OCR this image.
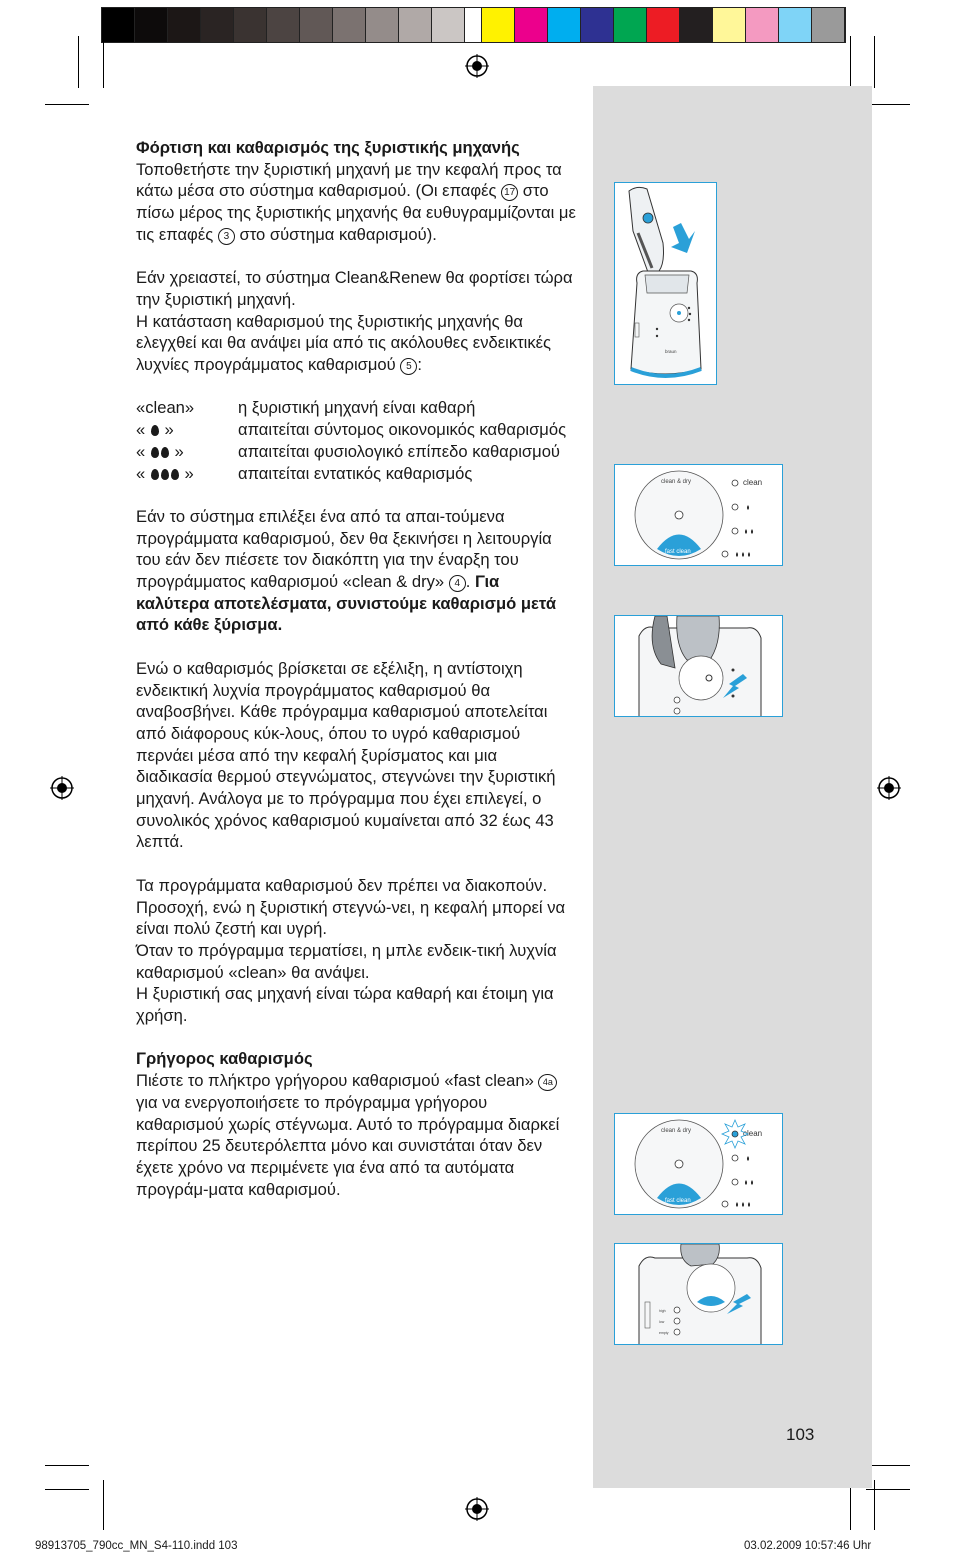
braun
clean & dry
fast clean
clean
clean & dry
fast clean
clean
high
low
empty

Φόρτιση και καθαρισμός της ξυριστικής μηχανής

Τοποθετήστε την ξυριστική μηχανή με την κεφαλή προς τα κάτω μέσα στο σύστημα καθαρισμού. (Οι επαφές 17 στο πίσω μέρος της ξυριστικής μηχανής θα ευθυγραμμίζονται με τις επαφές 3 στο σύστημα καθαρισμού).

Εάν χρειαστεί, το σύστημα Clean&Renew θα φορτίσει τώρα την ξυριστική μηχανή.

Η κατάσταση καθαρισμού της ξυριστικής μηχανής θα ελεγχθεί και θα ανάψει μία από τις ακόλουθες ενδεικτικές λυχνίες προγράμματος καθαρισμού 5 :

«clean»	η ξυριστική μηχανή είναι καθαρή
«  »	απαιτείται σύντομος οικονομικός καθαρισμός
«  »	απαιτείται φυσιολογικό επίπεδο καθαρισμού
«  »	απαιτείται εντατικός καθαρισμός

Εάν το σύστημα επιλέξει ένα από τα απαι-τούμενα προγράμματα καθαρισμού, δεν θα ξεκινήσει η λειτουργία του εάν δεν πιέσετε τον διακόπτη για την έναρξη του προγράμματος καθαρισμού «clean & dry» 4 . Για καλύτερα αποτελέσματα, συνιστούμε καθαρισμό μετά από κάθε ξύρισμα.

Ενώ ο καθαρισμός βρίσκεται σε εξέλιξη, η αντίστοιχη ενδεικτική λυχνία προγράμματος καθαρισμού θα αναβοσβήνει. Κάθε πρόγραμμα καθαρισμού αποτελείται από διάφορους κύκ-λους, όπου το υγρό καθαρισμού περνάει μέσα από την κεφαλή ξυρίσματος και μια διαδικασία θερμού στεγνώματος, στεγνώνει την ξυριστική μηχανή. Ανάλογα με το πρόγραμμα που έχει επιλεγεί, ο συνολικός χρόνος καθαρισμού κυμαίνεται από 32 έως 43 λεπτά.

Τα προγράμματα καθαρισμού δεν πρέπει να διακοπούν. Προσοχή, ενώ η ξυριστική στεγνώ-νει, η κεφαλή μπορεί να είναι πολύ ζεστή και υγρή.

Όταν το πρόγραμμα τερματίσει, η μπλε ενδεικ-τική λυχνία καθαρισμού «clean» θα ανάψει.

Η ξυριστική σας μηχανή είναι τώρα καθαρή και έτοιμη για χρήση.

Γρήγορος καθαρισμός

Πιέστε το πλήκτρο γρήγορου καθαρισμού «fast clean» 4a για να ενεργοποιήσετε το πρόγραμμα γρήγορου καθαρισμού χωρίς στέγνωμα. Αυτό το πρόγραμμα διαρκεί περίπου 25 δευτερόλεπτα μόνο και συνιστάται όταν δεν έχετε χρόνο να περιμένετε για ένα από τα αυτόματα προγράμ-ματα καθαρισμού.

103
98913705_790cc_MN_S4-110.indd 103	03.02.2009 10:57:46 Uhr
